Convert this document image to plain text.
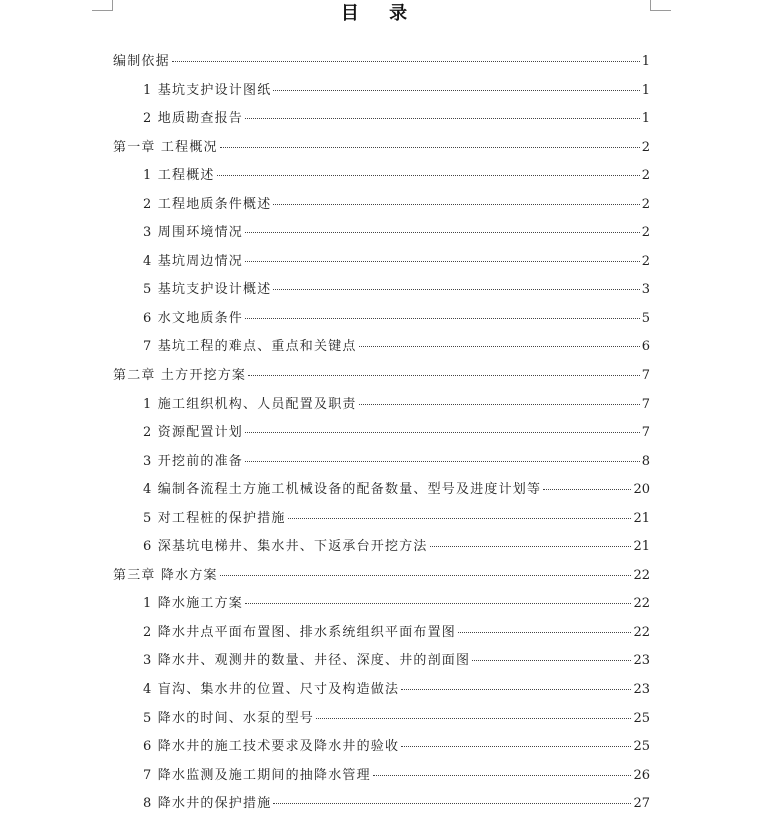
目 录
编制依据	1
1 基坑支护设计图纸	1
2 地质勘查报告	1
第一章 工程概况	2
1 工程概述	2
2 工程地质条件概述	2
3 周围环境情况	2
4 基坑周边情况	2
5 基坑支护设计概述	3
6 水文地质条件	5
7 基坑工程的难点、重点和关键点	6
第二章 土方开挖方案	7
1 施工组织机构、人员配置及职责	7
2 资源配置计划	7
3 开挖前的准备	8
4 编制各流程土方施工机械设备的配备数量、型号及进度计划等	20
5 对工程桩的保护措施	21
6 深基坑电梯井、集水井、下返承台开挖方法	21
第三章 降水方案	22
1 降水施工方案	22
2 降水井点平面布置图、排水系统组织平面布置图	22
3 降水井、观测井的数量、井径、深度、井的剖面图	23
4 盲沟、集水井的位置、尺寸及构造做法	23
5 降水的时间、水泵的型号	25
6 降水井的施工技术要求及降水井的验收	25
7 降水监测及施工期间的抽降水管理	26
8 降水井的保护措施	27
